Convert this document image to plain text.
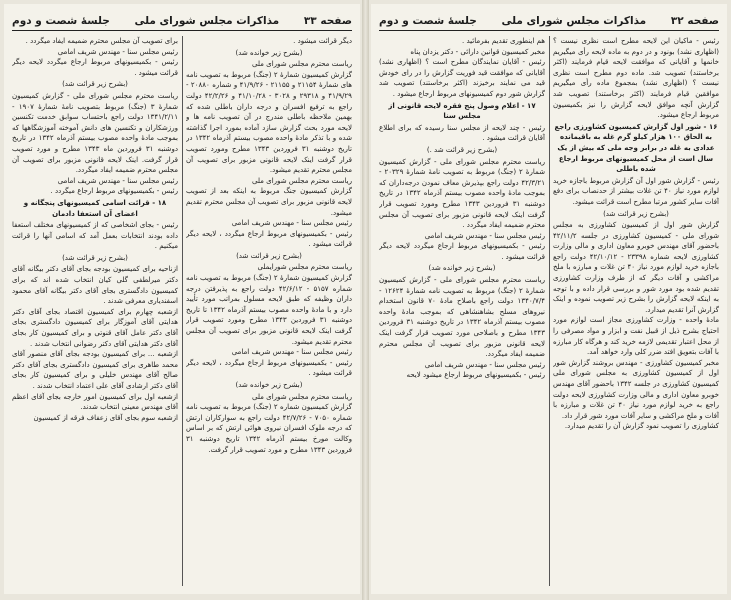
صفحه ۳۳
مذاکرات مجلس شورای ملی
جلسهٔ شصت و دوم

دیگر قرائت میشود .

(بشرح زیر خوانده شد)

ریاست محترم مجلس شورای ملی

گزارش کمیسیون شمارهٔ ۲ (جنگ) مربوط به تصویب نامه های شمارهٔ ۲۱۱۵۴ و ۲۱۱۵۵ - ۴۱/۹/۲۶ و شماره ۲۰۸۸۰ - ۴۱/۹/۲۹ و ۲۹۳۱۸ و ۳۰۲۸ - ۴۱/۱۰/۲۸ و ۴۲/۲/۲۶ دولت راجع به ترفیع افسران و درجه داران باطلی شده که بهمین ملاحظه باطلی مندرج در آن تصویب نامه ها و لایحه مورد بحث گزارش سازد آماده بمورد اجرا گذاشته شده و با تذکر مادهٔ واحده مصوب بیستم آذرماه ۱۳۴۲ در تاریخ دوشنبه ۳۱ فروردین ۱۳۴۳ مطرح ومورد تصویب قرار گرفت اینک لایحه قانونی مزبور برای تصویب آن مجلس محترم تقدیم میشود.

ریاست محترم مجلس شورای ملی

گزارش کمیسیون جنگ مربوط به اینکه بعد از تصویب لایحه قانونی مزبور برای تصویب آن مجلس محترم تقدیم میشود.

رئیس مجلس سنا - مهندس شریف امامی

رئیس - بکمیسیونهای مربوط ارجاع میگردد ، لایحه دیگر قرائت میشود .

(بشرح زیر قرائت شد)

ریاست محترم مجلس شورایملی

گزارش کمیسیون شمارهٔ ۲ (جنگ) مربوط به تصویب نامه شماره ۵۱۵۷ - ۴۲/۶/۱۲ دولت راجع به پذیرفتن درجه داران وظیفه که طبق لایحه مسلول بمراتب مورد تأیید دارد و با مادهٔ واحده مصوب بیستم آذرماه ۱۳۴۲ تا تاریخ دوشنبه ۳۱ فروردین ۱۳۴۳ مطرح ومورد تصویب قرار گرفت اینک لایحه قانونی مزبور برای تصویب آن مجلس محترم تقدیم میشود.

رئیس مجلس سنا - مهندس شریف امامی

رئیس - بکمیسیونهای مربوط ارجاع میگردد ، لایحه دیگر قرائت میشود .

(بشرح زیر خوانده شد)

ریاست محترم مجلس شورای ملی

گزارش کمیسیون شماره ۲ (جنگ) مربوط به تصویب نامه شماره ۷۰۵۰ - ۴۲/۷/۲۶ دولت راجع به سوارکاران ارتش که درجه ملوک افسران نیروی هوائی ارتش که بر اساس وکالت مورخ بیستم آذرماه ۱۳۴۲ تاریخ دوشنبه ۳۱ فروردین ۱۳۴۳ مطرح و مورد تصویب قرار گرفت.

برای تصویب آن مجلس محترم ضمیمه ایفاد میگردد .

رئیس مجلس سنا - مهندس شریف امامی

رئیس - بکمیسیونهای مربوط ارجاع میگردد لایحه دیگر قرائت میشود .

(بشرح زیر قرائت شد)

ریاست محترم مجلس شورای ملی - گزارش کمیسیون شمارهٔ ۳ (جنگ) مربوط بتصویب نامهٔ شمارهٔ ۱۹۰۷ - ۱۳۴۱/۲/۱۱ دولت راجع باحتساب سوابق خدمت تکنسین ورزشکاران و تکنسین های دانش آموخته آموزشگاهها که بموجب مادهٔ واحده مصوب بیستم آذرماه ۱۳۴۲ در تاریخ دوشنبه ۳۱ فروردین ماه ۱۳۴۳ مطرح و مورد تصویب قرار گرفت. اینک لایحه قانونی مزبور برای تصویب آن مجلس محترم ضمیمه ایفاد میگردد.

رئیس مجلس سنا - مهندس شریف امامی

رئیس - بکمیسیونهای مربوط ارجاع میگردد .

۱۸ - قرائت اسامی کمیسیونهای پنجگانه و اعضای آن استعفا دادمان

رئیس - بجای اشخاصی که از کمیسیونهای مختلف استعفا داده بودند انتخابات بعمل آمد که اسامی آنها را قرائت میکنیم .

(بشرح زیر قرائت شد)

ازناحیه برای کمیسیون بودجه بجای آقای دکتر بیگانه آقای دکتر میرلطفی گلی کیان انتخاب شده اند که برای کمیسیون دادگستری بجای آقای دکتر بیگانه آقای محمود اسفندیاری معرفی شدند .

ازشعبه چهارم برای کمیسیون اقتصاد بجای آقای دکتر هدایتی آقای آموزگار برای کمیسیون دادگستری بجای آقای دکتر عامل آقای قنوتی و برای کمیسیون کار بجای آقای دکتر هدایتی آقای دکتر رضوانی انتخاب شدند .

ازشعبه ... برای کمیسیون بودجه بجای آقای منصور آقای محمد طاهری برای کمیسیون دادگستری بجای آقای دکتر صالح آقای مهندس خلیلی و برای کمیسیون کار بجای آقای دکتر ارشادی آقای علی اعتماد انتخاب شدند .

ازشعبه اول برای کمیسیون امور خارجه بجای آقای اعظم آقای مهندس معینی انتخاب شدند.

ازشعبه سوم بجای آقای زعفاف فرقه از کمیسیون

صفحه ۳۲
مذاکرات مجلس شورای ملی
جلسهٔ شصت و دوم

رئیس - ماکیان این لایحه مطرح است نظری نیست ؟ (اظهاری نشد) بونود و در دوم به ماده لایحه رأی میگیریم خانمها و آقایانی که موافقت لایحه قیام فرمایند (اکثر برخاستند) تصویب شد. ماده دوم مطرح است نظری نیست ؟ (اظهاری نشد) بمجموع ماده رأی میگیریم موافقین قیام فرمایند (اکثر برخاستند) تصویب شد گزارش آنچه موافق لایحه گزارش را نیز بکمیسیون مربوط ارجاع میشود.

۱۶ - شور اول گزارش کمیسیون کشاورزی راجع به الحاق ۱۰۰ هزار کیلو گرم غله به باقیمانده عدادی به غله در برابر وجه ملی که بیش از یک سال است از محل کمیسیونهای مربوط ارجاع شده باطلی

رئیس - گزارش شور اول آن گزارش مربوط باجازه خرید لوازم مورد نیاز ۴۰ تن غلات بیشتر از حدنصاب برای دفع آفات سایر کشور مرتبا مطرح است قرائت میشود.

(بشرح زیر قرائت شد)

گزارش شور اول از کمیسیون کشاورزی به مجلس شورای ملی - کمیسیون کشاورزی در جلسه ۴۲/۱۱/۲ باحضور آقای مهندس خوبرو معاون اداری و مالی وزارت کشاورزی لایحه شماره ۲۳۳۹۸ - ۴۲/۱۰/۱۲ دولت راجع باجازه خرید لوازم مورد نیاز ۴۰ تن غلات و مبارزه با ملخ مراکشی و آفات دیگر که از طرف وزارت کشاورزی تقدیم شده بود مورد شور و بررسی قرار داده و با توجه به اینکه لایحه گزارش را بشرح زیر تصویب نموده و اینک گزارش آنرا تقدیم میدارد.

مادهٔ واحده - وزارت کشاورزی مجاز است لوازم مورد احتیاج بشرح ذیل از قبیل نفت و ابزار و مواد مصرفی را از محل اعتبار تقدیمی لازمه خرید کند و هرگاه کار مبارزه با آفات بتعویق افتد ضرر کلی وارد خواهد آمد.

مخبر کمیسیون کشاورزی - مهندس بروشند گزارش شور اول از کمیسیون کشاورزی به مجلس شورای ملی کمیسیون کشاورزی در جلسه ۱۳۴۲ باحضور آقای مهندس خوبرو معاون اداری و مالی وزارت کشاورزی لایحه دولت راجع به خرید لوازم مورد نیاز ۴۰ تن غلات و مبارزه با آفات و ملخ مراکشی و سایر آفات مورد شور قرار داد.

کشاورزی را تصویب نمود گزارش آن را تقدیم میدارد.

هم اینطوری تقدیم بفرمائید .

مخبر کمیسیون قوانین دارائی - دکتر یزدان پناه

رئیس - آقایان نمایندگان مطرح است ؟ (اظهاری نشد) آقایانی که موافقت قید فوریت گزارش را در رای خودش قید می نمایند برخیزند (اکثر برخاستند) تصویب شد گزارش شور دوم کمیسیونهای مربوط ارجاع میشود .

۱۷ - اعلام وصول پنج فقره لایحه قانونی از مجلس سنا

رئیس - چند لایحه از مجلس سنا رسیده که برای اطلاع آقایان قرائت میشود .

(بشرح زیر قرائت شد .)

ریاست محترم مجلس شورای ملی - گزارش کمیسیون شمارهٔ ۲ (جنگ) مربوط به تصویب نامهٔ شمارهٔ ۲۰۳۲۹ - ۴۲/۳/۲۱ دولت راجع بپذیرش معاف نمودن درجه‌داران که بموجب مادهٔ واحده مصوب بیستم آذرماه ۱۳۴۲ در تاریخ دوشنبه ۳۱ فروردین ۱۳۴۳ مطرح ومورد تصویب قرار گرفت اینک لایحه قانونی مزبور برای تصویب آن مجلس محترم ضمیمه ایفاد میگردد .

رئیس مجلس سنا - مهندس شریف امامی

رئیس - بکمیسیونهای مربوط ارجاع میگردد لایحه دیگر قرائت میشود .

(بشرح زیر خوانده شد)

ریاست محترم مجلس شورای ملی - گزارش کمیسیون شمارهٔ ۲ (جنگ) مربوط به تصویب نامه شمارهٔ ۱۲۶۲۴ - ۱۳۴۰/۷/۴ دولت راجع باصلاح مادهٔ ۷۰ قانون استخدام نیروهای مسلح بشاهنشاهی که بموجب مادهٔ واحده مصوب بیستم آذرماه ۱۳۴۲ در تاریخ دوشنبه ۳۱ فروردین ۱۳۴۳ مطرح و باصلاحی مورد تصویب قرار گرفت اینک لایحه قانونی مزبور برای تصویب آن مجلس محترم ضمیمه ایفاد میگردد.

رئیس مجلس سنا - مهندس شریف امامی

رئیس - بکمیسیونهای مربوط ارجاع میشود لایحه
